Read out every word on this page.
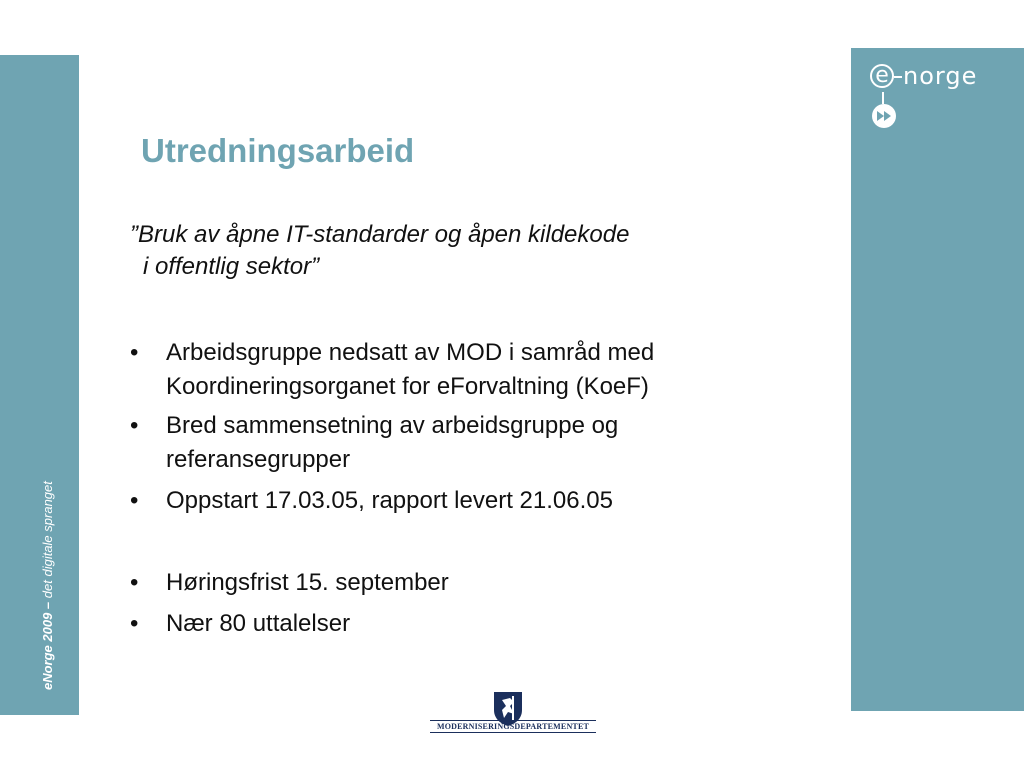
eNorge 2009 – det digitale spranget
e norge
Utredningsarbeid
”Bruk av åpne IT-standarder og åpen kildekode
i offentlig sektor”
•	Arbeidsgruppe nedsatt av MOD i samråd med
Koordineringsorganet for eForvaltning (KoeF)
•	Bred sammensetning av arbeidsgruppe og
referansegrupper
•	Oppstart 17.03.05, rapport levert 21.06.05
•	Høringsfrist 15. september
•	Nær 80 uttalelser
MODERNISERINGSDEPARTEMENTET
